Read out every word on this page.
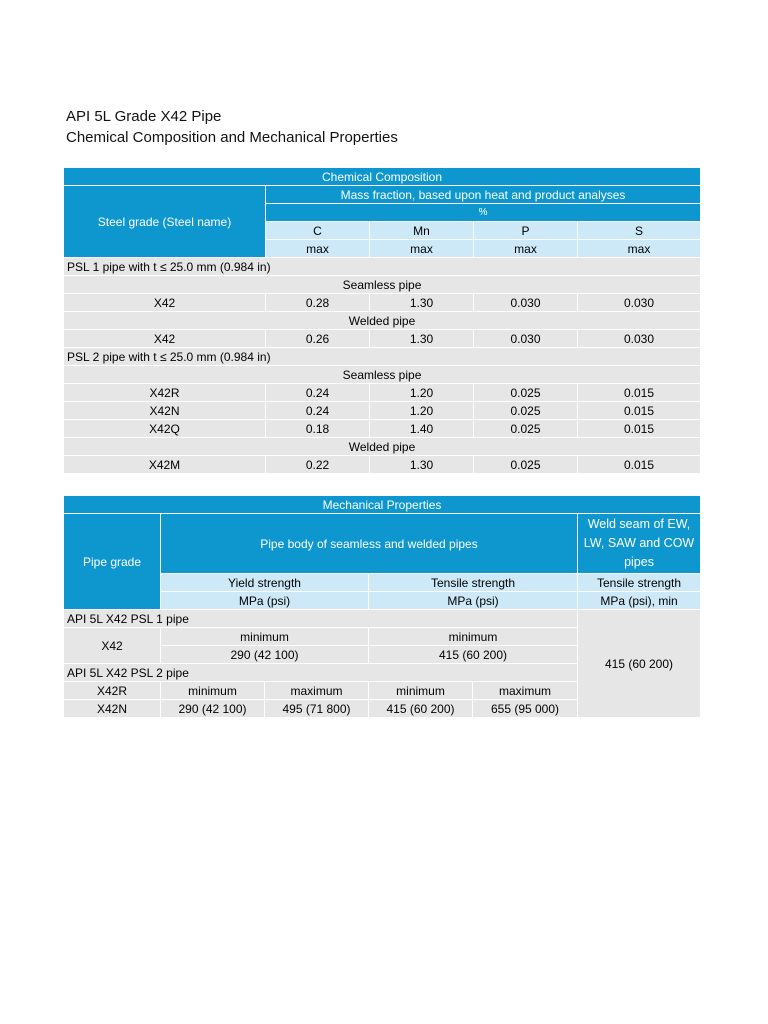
API 5L Grade X42 Pipe
Chemical Composition and Mechanical Properties
Chemical Composition				
Steel grade (Steel name)	Mass fraction, based upon heat and product analyses			
	%			
	C	Mn	P	S
	max	max	max	max
PSL 1 pipe with t ≤ 25.0 mm (0.984 in)				
Seamless pipe				
X42	0.28	1.30	0.030	0.030
Welded pipe				
X42	0.26	1.30	0.030	0.030
PSL 2 pipe with t ≤ 25.0 mm (0.984 in)				
Seamless pipe				
X42R	0.24	1.20	0.025	0.015
X42N	0.24	1.20	0.025	0.015
X42Q	0.18	1.40	0.025	0.015
Welded pipe				
X42M	0.22	1.30	0.025	0.015
Mechanical Properties					
Pipe grade	Pipe body of seamless and welded pipes				Weld seam of EW, LW, SAW and COW pipes
	Yield strength		Tensile strength		Tensile strength
	MPa (psi)		MPa (psi)		MPa (psi), min
API 5L X42 PSL 1 pipe					415 (60 200)
X42	minimum		minimum		
	290 (42 100)		415 (60 200)		
API 5L X42 PSL 2 pipe					
X42R	minimum	maximum	minimum	maximum	
X42N	290 (42 100)	495 (71 800)	415 (60 200)	655 (95 000)	
